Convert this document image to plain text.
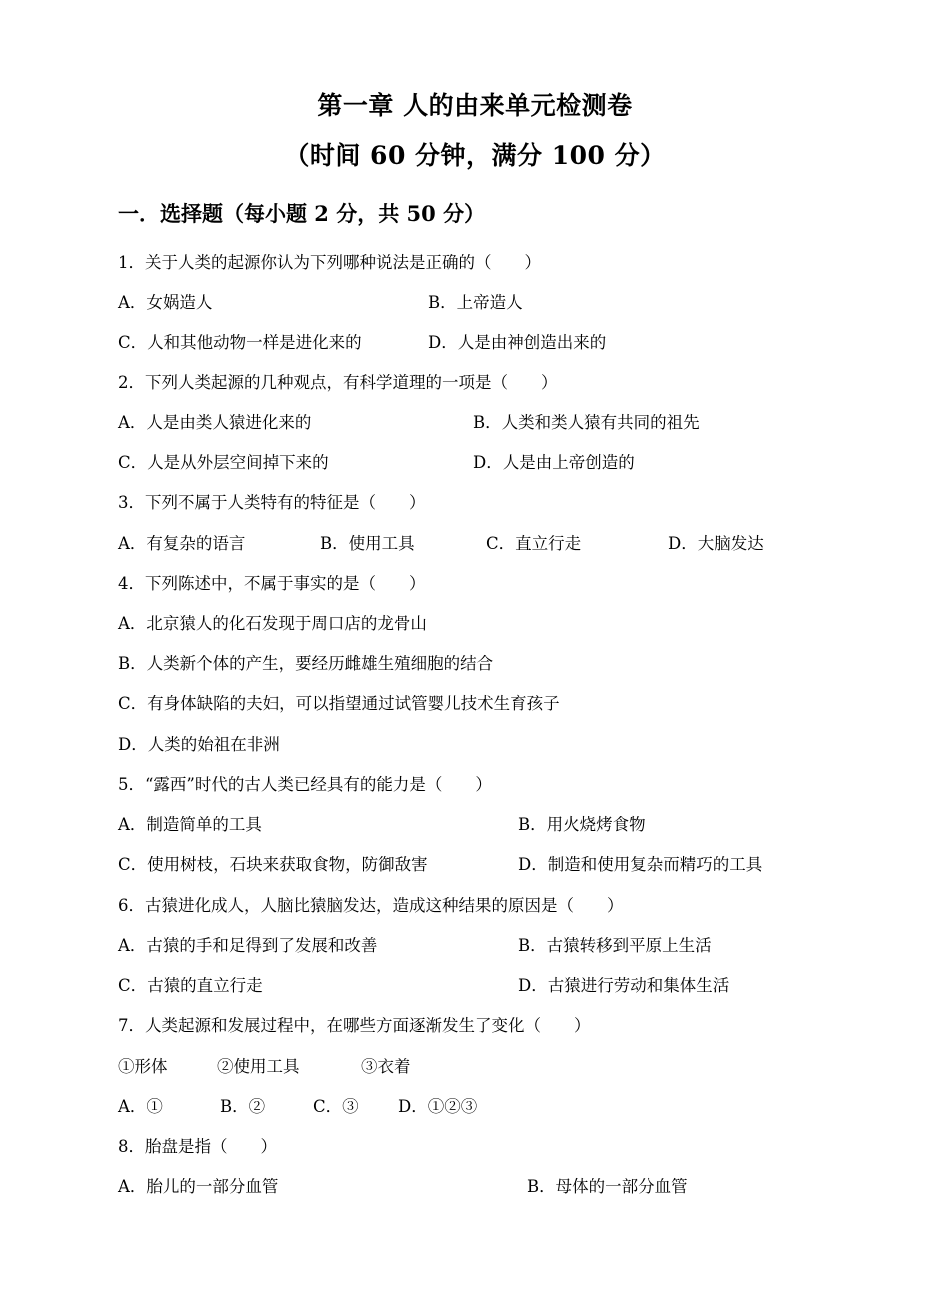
第一章 人的由来单元检测卷
（时间 60 分钟，满分 100 分）
一．选择题（每小题 2 分，共 50 分）
1．关于人类的起源你认为下列哪种说法是正确的（　　）
A．女娲造人	B．上帝造人
C．人和其他动物一样是进化来的	D．人是由神创造出来的
2．下列人类起源的几种观点，有科学道理的一项是（　　）
A．人是由类人猿进化来的	B．人类和类人猿有共同的祖先
C．人是从外层空间掉下来的	D．人是由上帝创造的
3．下列不属于人类特有的特征是（　　）
A．有复杂的语言	B．使用工具	C．直立行走	D．大脑发达
4．下列陈述中，不属于事实的是（　　）
A．北京猿人的化石发现于周口店的龙骨山
B．人类新个体的产生，要经历雌雄生殖细胞的结合
C．有身体缺陷的夫妇，可以指望通过试管婴儿技术生育孩子
D．人类的始祖在非洲
5．“露西”时代的古人类已经具有的能力是（　　）
A．制造简单的工具	B．用火烧烤食物
C．使用树枝，石块来获取食物，防御敌害	D．制造和使用复杂而精巧的工具
6．古猿进化成人，人脑比猿脑发达，造成这种结果的原因是（　　）
A．古猿的手和足得到了发展和改善	B．古猿转移到平原上生活
C．古猿的直立行走	D．古猿进行劳动和集体生活
7．人类起源和发展过程中，在哪些方面逐渐发生了变化（　　）
①形体	②使用工具	③衣着
A．①	B．②	C．③ D．①②③
8．胎盘是指（　　）
A．胎儿的一部分血管	B．母体的一部分血管
